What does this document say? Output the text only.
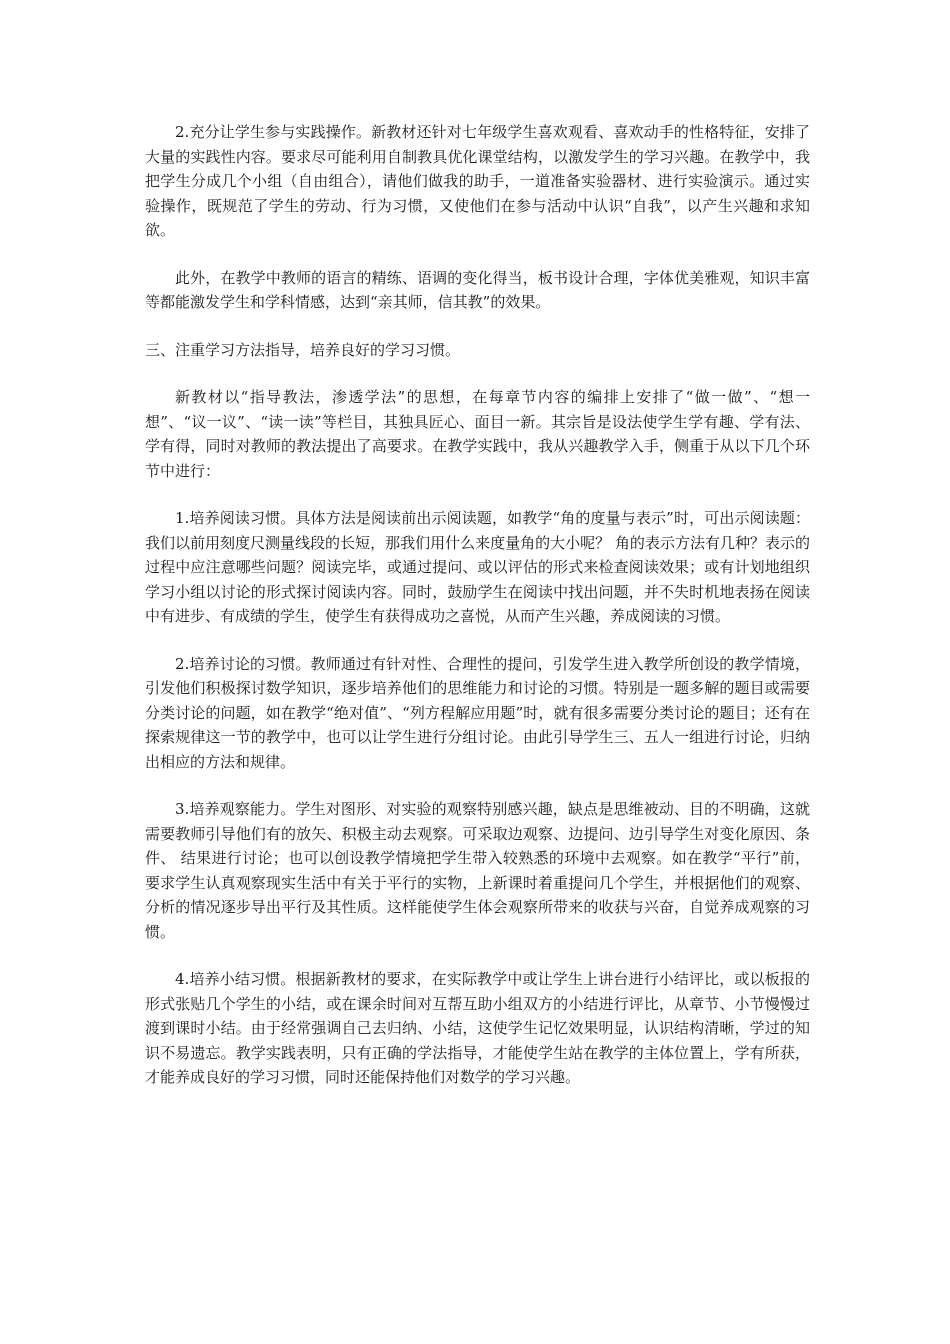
2.充分让学生参与实践操作。新教材还针对七年级学生喜欢观看、喜欢动手的性格特征，安排了大量的实践性内容。要求尽可能利用自制教具优化课堂结构，以激发学生的学习兴趣。在教学中，我把学生分成几个小组（自由组合），请他们做我的助手，一道准备实验器材、进行实验演示。通过实验操作，既规范了学生的劳动、行为习惯，又使他们在参与活动中认识“自我”，以产生兴趣和求知欲。

此外，在教学中教师的语言的精练、语调的变化得当，板书设计合理，字体优美雅观，知识丰富等都能激发学生和学科情感，达到“亲其师，信其教”的效果。

三、注重学习方法指导，培养良好的学习习惯。

新教材以“指导教法，渗透学法”的思想，在每章节内容的编排上安排了“做一做”、“想一想”、“议一议”、“读一读”等栏目，其独具匠心、面目一新。其宗旨是设法使学生学有趣、学有法、学有得，同时对教师的教法提出了高要求。在教学实践中，我从兴趣教学入手，侧重于从以下几个环节中进行：

1.培养阅读习惯。具体方法是阅读前出示阅读题，如教学“角的度量与表示”时，可出示阅读题：我们以前用刻度尺测量线段的长短，那我们用什么来度量角的大小呢？ 角的表示方法有几种？表示的过程中应注意哪些问题？阅读完毕，或通过提问、或以评估的形式来检查阅读效果；或有计划地组织学习小组以讨论的形式探讨阅读内容。同时，鼓励学生在阅读中找出问题，并不失时机地表扬在阅读中有进步、有成绩的学生，使学生有获得成功之喜悦，从而产生兴趣，养成阅读的习惯。

2.培养讨论的习惯。教师通过有针对性、合理性的提问，引发学生进入教学所创设的教学情境，引发他们积极探讨数学知识，逐步培养他们的思维能力和讨论的习惯。特别是一题多解的题目或需要分类讨论的问题，如在教学“绝对值”、“列方程解应用题”时，就有很多需要分类讨论的题目；还有在探索规律这一节的教学中，也可以让学生进行分组讨论。由此引导学生三、五人一组进行讨论，归纳出相应的方法和规律。

3.培养观察能力。学生对图形、对实验的观察特别感兴趣，缺点是思维被动、目的不明确，这就需要教师引导他们有的放矢、积极主动去观察。可采取边观察、边提问、边引导学生对变化原因、条件、 结果进行讨论；也可以创设教学情境把学生带入较熟悉的环境中去观察。如在教学“平行”前，要求学生认真观察现实生活中有关于平行的实物，上新课时着重提问几个学生，并根据他们的观察、分析的情况逐步导出平行及其性质。这样能使学生体会观察所带来的收获与兴奋，自觉养成观察的习惯。

4.培养小结习惯。根据新教材的要求，在实际教学中或让学生上讲台进行小结评比，或以板报的形式张贴几个学生的小结，或在课余时间对互帮互助小组双方的小结进行评比，从章节、小节慢慢过渡到课时小结。由于经常强调自己去归纳、小结，这使学生记忆效果明显，认识结构清晰，学过的知识不易遗忘。教学实践表明，只有正确的学法指导，才能使学生站在教学的主体位置上，学有所获，才能养成良好的学习习惯，同时还能保持他们对数学的学习兴趣。
